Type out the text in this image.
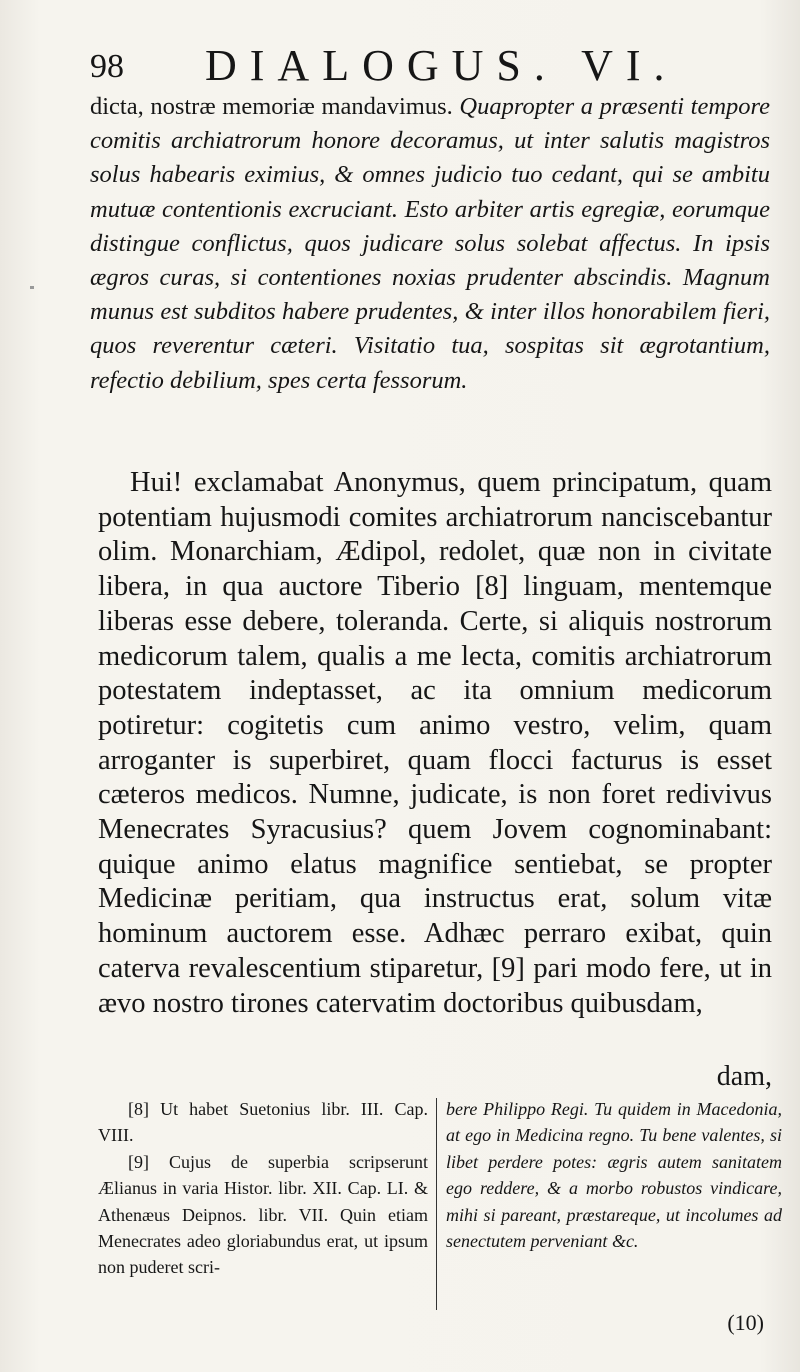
98 DIALOGUS. VI.

dicta, nostræ memoriæ mandavimus. Quapropter a præsenti tempore comitis archiatrorum honore decoramus, ut inter salutis magistros solus habearis eximius, & omnes judicio tuo cedant, qui se ambitu mutuæ contentionis excruciant. Esto arbiter artis egregiæ, eorumque distingue conflictus, quos judicare solus solebat affectus. In ipsis ægros curas, si contentiones noxias prudenter abscindis. Magnum munus est subditos habere prudentes, & inter illos honorabilem fieri, quos reverentur cæteri. Visitatio tua, sospitas sit ægrotantium, refectio debilium, spes certa fessorum.

Hui! exclamabat Anonymus, quem principatum, quam potentiam hujusmodi comites archiatrorum nanciscebantur olim. Monarchiam, Ædipol, redolet, quæ non in civitate libera, in qua auctore Tiberio [8] linguam, mentemque liberas esse debere, toleranda. Certe, si aliquis nostrorum medicorum talem, qualis a me lecta, comitis archiatrorum potestatem indeptasset, ac ita omnium medicorum potiretur: cogitetis cum animo vestro, velim, quam arroganter is superbiret, quam flocci facturus is esset cæteros medicos. Numne, judicate, is non foret redivivus Menecrates Syracusius? quem Jovem cognominabant: quique animo elatus magnifice sentiebat, se propter Medicinæ peritiam, qua instructus erat, solum vitæ hominum auctorem esse. Adhæc perraro exibat, quin caterva revalescentium stiparetur, [9] pari modo fere, ut in ævo nostro tirones catervatim doctoribus quibusdam,

dam,

[8] Ut habet Suetonius libr. III. Cap. VIII.

[9] Cujus de superbia scripserunt Ælianus in varia Histor. libr. XII. Cap. LI. & Athenæus Deipnos. libr. VII. Quin etiam Menecrates adeo gloriabundus erat, ut ipsum non puderet scri-

bere Philippo Regi. Tu quidem in Macedonia, at ego in Medicina regno. Tu bene valentes, si libet perdere potes: ægris autem sanitatem ego reddere, & a morbo robustos vindicare, mihi si pareant, præstareque, ut incolumes ad senectutem perveniant &c.

(10)
